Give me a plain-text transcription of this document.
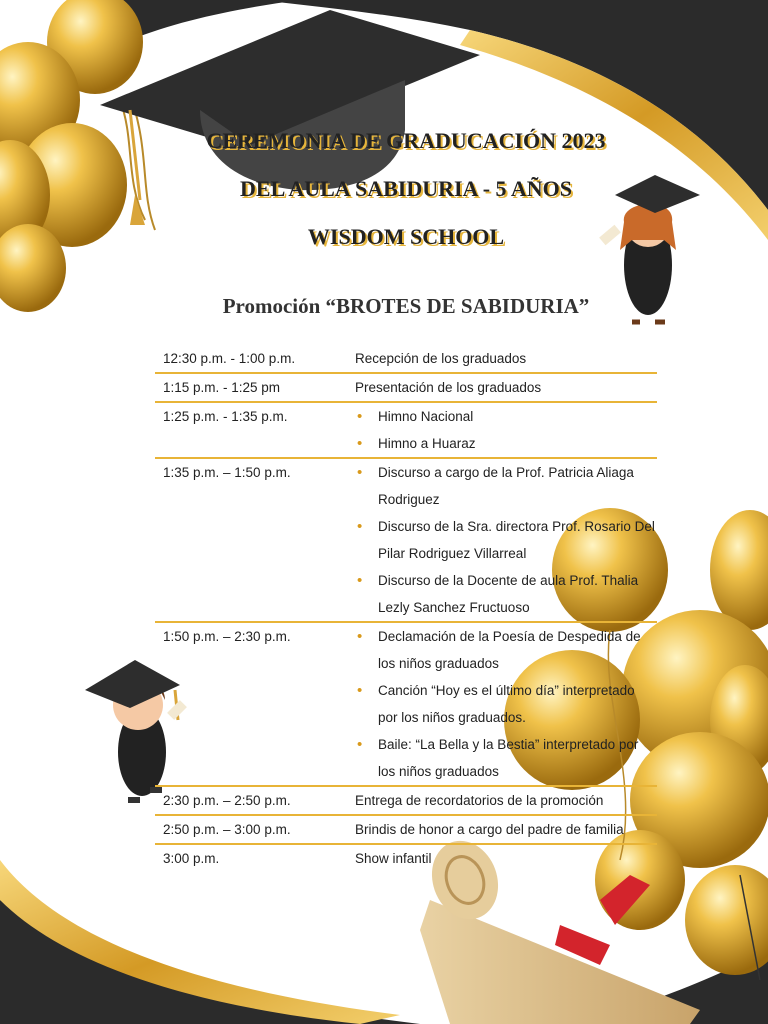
CEREMONIA DE GRADUCACIÓN 2023
DEL AULA SABIDURIA - 5 AÑOS
WISDOM SCHOOL
Promoción “BROTES DE SABIDURIA”
12:30 p.m. - 1:00 p.m.	Recepción de los graduados
1:15 p.m. - 1:25 pm	Presentación de los graduados
1:25 p.m. - 1:35 p.m.	• Himno Nacional
• Himno a Huaraz
1:35 p.m. – 1:50 p.m.	• Discurso a cargo de la Prof. Patricia Aliaga Rodriguez
• Discurso de la Sra. directora Prof. Rosario Del Pilar Rodriguez Villarreal
• Discurso de la Docente de aula Prof. Thalia Lezly Sanchez Fructuoso
1:50 p.m. – 2:30 p.m.	• Declamación de la Poesía de Despedida de los niños graduados
• Canción “Hoy es el último día” interpretado por los niños graduados.
• Baile: “La Bella y la Bestia” interpretado por los niños graduados
2:30 p.m. – 2:50 p.m.	Entrega de recordatorios de la promoción
2:50 p.m. – 3:00 p.m.	Brindis de honor a cargo del padre de familia
3:00 p.m.	Show infantil
